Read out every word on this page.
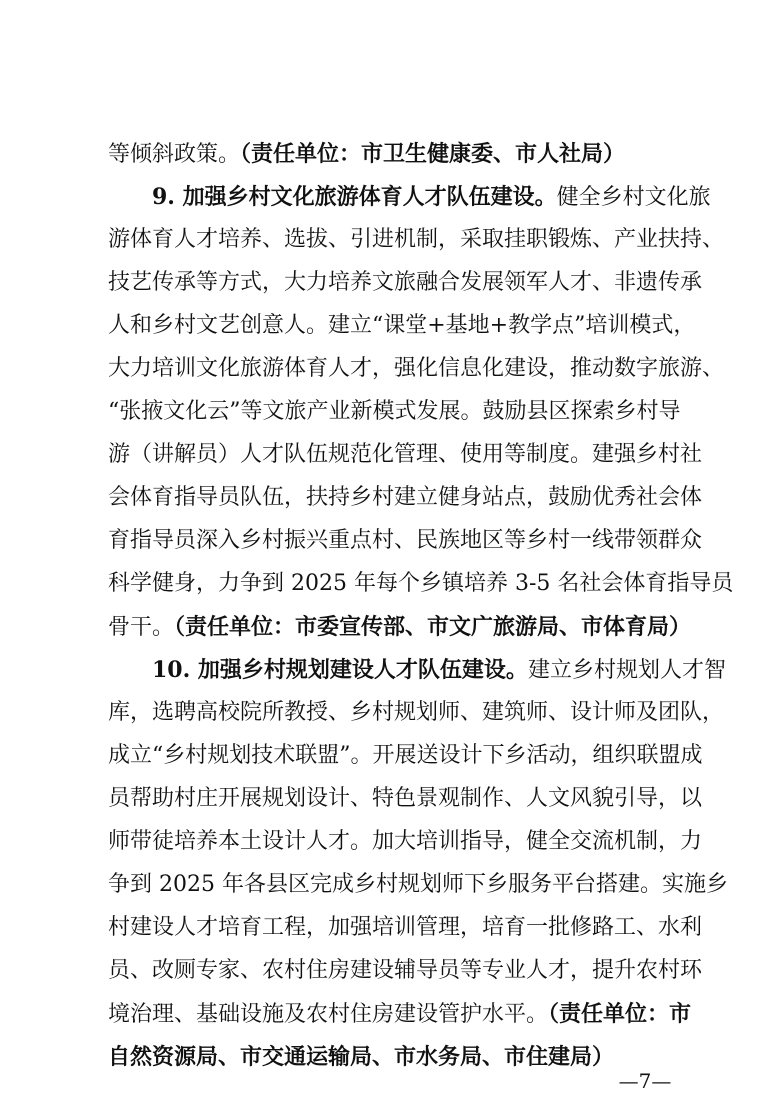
等倾斜政策。（责任单位：市卫生健康委、市人社局）
9. 加强乡村文化旅游体育人才队伍建设。健全乡村文化旅
游体育人才培养、选拔、引进机制，采取挂职锻炼、产业扶持、
技艺传承等方式，大力培养文旅融合发展领军人才、非遗传承
人和乡村文艺创意人。建立“课堂+基地+教学点”培训模式，
大力培训文化旅游体育人才，强化信息化建设，推动数字旅游、
“张掖文化云”等文旅产业新模式发展。鼓励县区探索乡村导
游（讲解员）人才队伍规范化管理、使用等制度。建强乡村社
会体育指导员队伍，扶持乡村建立健身站点，鼓励优秀社会体
育指导员深入乡村振兴重点村、民族地区等乡村一线带领群众
科学健身，力争到 2025 年每个乡镇培养 3-5 名社会体育指导员
骨干。（责任单位：市委宣传部、市文广旅游局、市体育局）
10. 加强乡村规划建设人才队伍建设。建立乡村规划人才智
库，选聘高校院所教授、乡村规划师、建筑师、设计师及团队，
成立“乡村规划技术联盟”。开展送设计下乡活动，组织联盟成
员帮助村庄开展规划设计、特色景观制作、人文风貌引导，以
师带徒培养本土设计人才。加大培训指导，健全交流机制，力
争到 2025 年各县区完成乡村规划师下乡服务平台搭建。实施乡
村建设人才培育工程，加强培训管理，培育一批修路工、水利
员、改厕专家、农村住房建设辅导员等专业人才，提升农村环
境治理、基础设施及农村住房建设管护水平。（责任单位：市
自然资源局、市交通运输局、市水务局、市住建局）
—7—
